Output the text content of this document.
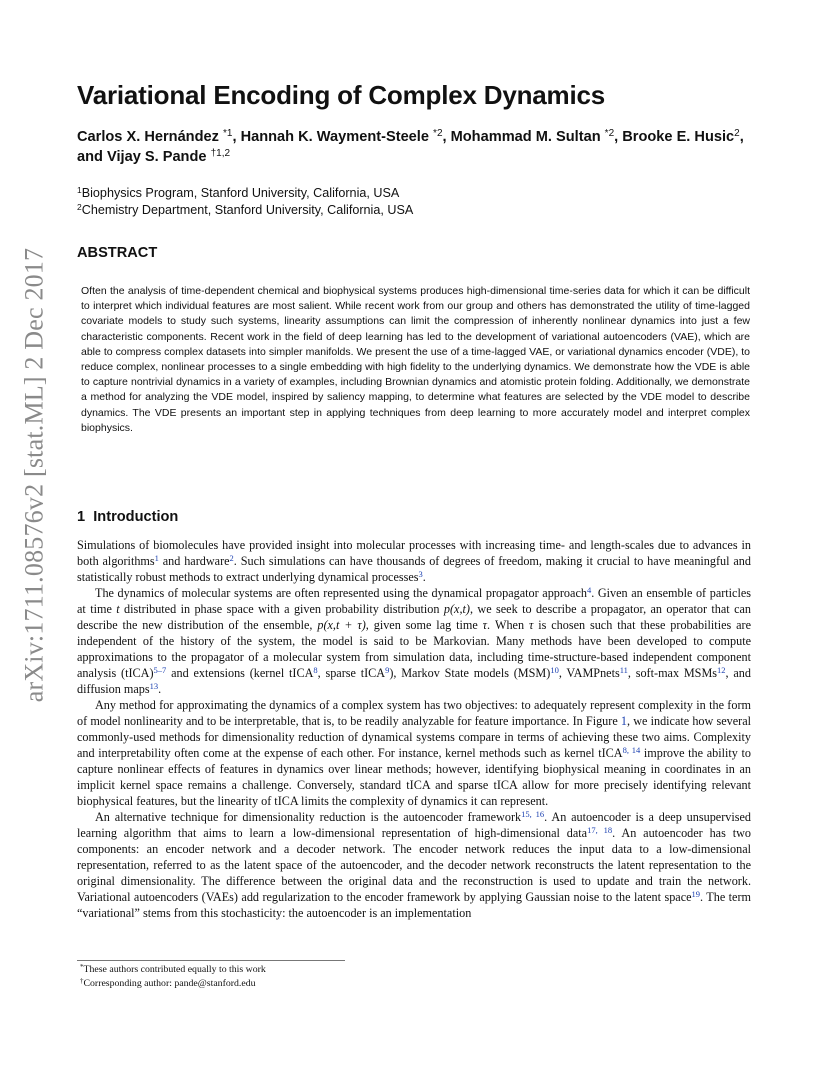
arXiv:1711.08576v2 [stat.ML] 2 Dec 2017
Variational Encoding of Complex Dynamics

Carlos X. Hernández $^{*1}$, Hannah K. Wayment-Steele $^{*2}$, Mohammad M. Sultan $^{*2}$, Brooke E. Husic$^2$, and Vijay S. Pande $^{\dagger 1,2}$

$^1$Biophysics Program, Stanford University, California, USA
$^2$Chemistry Department, Stanford University, California, USA
ABSTRACT

Often the analysis of time-dependent chemical and biophysical systems produces high-dimensional time-series data for which it can be difficult to interpret which individual features are most salient. While recent work from our group and others has demonstrated the utility of time-lagged covariate models to study such systems, linearity assumptions can limit the compression of inherently nonlinear dynamics into just a few characteristic components. Recent work in the field of deep learning has led to the development of variational autoencoders (VAE), which are able to compress complex datasets into simpler manifolds. We present the use of a time-lagged VAE, or variational dynamics encoder (VDE), to reduce complex, nonlinear processes to a single embedding with high fidelity to the underlying dynamics. We demonstrate how the VDE is able to capture nontrivial dynamics in a variety of examples, including Brownian dynamics and atomistic protein folding. Additionally, we demonstrate a method for analyzing the VDE model, inspired by saliency mapping, to determine what features are selected by the VDE model to describe dynamics. The VDE presents an important step in applying techniques from deep learning to more accurately model and interpret complex biophysics.

1 Introduction

Simulations of biomolecules have provided insight into molecular processes with increasing time- and length-scales due to advances in both algorithms$^1$ and hardware$^2$. Such simulations can have thousands of degrees of freedom, making it crucial to have meaningful and statistically robust methods to extract underlying dynamical processes$^3$.

The dynamics of molecular systems are often represented using the dynamical propagator approach$^4$. Given an ensemble of particles at time t distributed in phase space with a given probability distribution p(x,t), we seek to describe a propagator, an operator that can describe the new distribution of the ensemble, p(x,t + τ), given some lag time τ. When τ is chosen such that these probabilities are independent of the history of the system, the model is said to be Markovian. Many methods have been developed to compute approximations to the propagator of a molecular system from simulation data, including time-structure-based independent component analysis (tICA)$^{5-7}$ and extensions (kernel tICA$^8$, sparse tICA$^9$), Markov State models (MSM)$^{10}$, VAMPnets$^{11}$, soft-max MSMs$^{12}$, and diffusion maps$^{13}$.

Any method for approximating the dynamics of a complex system has two objectives: to adequately represent complexity in the form of model nonlinearity and to be interpretable, that is, to be readily analyzable for feature importance. In Figure 1, we indicate how several commonly-used methods for dimensionality reduction of dynamical systems compare in terms of achieving these two aims. Complexity and interpretability often come at the expense of each other. For instance, kernel methods such as kernel tICA$^{8, 14}$ improve the ability to capture nonlinear effects of features in dynamics over linear methods; however, identifying biophysical meaning in coordinates in an implicit kernel space remains a challenge. Conversely, standard tICA and sparse tICA allow for more precisely identifying relevant biophysical features, but the linearity of tICA limits the complexity of dynamics it can represent.

An alternative technique for dimensionality reduction is the autoencoder framework$^{15, 16}$. An autoencoder is a deep unsupervised learning algorithm that aims to learn a low-dimensional representation of high-dimensional data$^{17, 18}$. An autoencoder has two components: an encoder network and a decoder network. The encoder network reduces the input data to a low-dimensional representation, referred to as the latent space of the autoencoder, and the decoder network reconstructs the latent representation to the original dimensionality. The difference between the original data and the reconstruction is used to update and train the network. Variational autoencoders (VAEs) add regularization to the encoder framework by applying Gaussian noise to the latent space$^{19}$. The term “variational” stems from this stochasticity: the autoencoder is an implementation

*These authors contributed equally to this work
†Corresponding author: pande@stanford.edu
